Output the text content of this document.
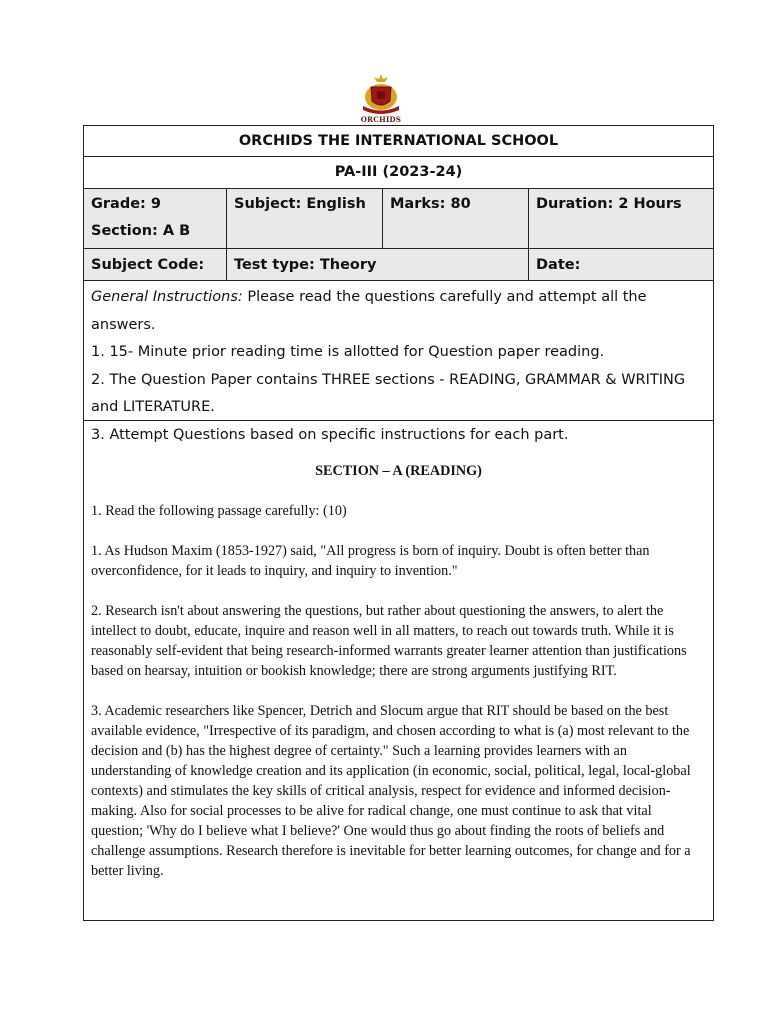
ORCHIDS
ORCHIDS THE INTERNATIONAL SCHOOL
PA-III (2023-24)
Grade: 9
Section: A B
Subject: English	Marks: 80	Duration: 2 Hours
Subject Code:	Test type: Theory	Date:
General Instructions: Please read the questions carefully and attempt all the answers.
1. 15- Minute prior reading time is allotted for Question paper reading.
2. The Question Paper contains THREE sections - READING, GRAMMAR & WRITING and LITERATURE.
3. Attempt Questions based on specific instructions for each part.
SECTION – A (READING)

1. Read the following passage carefully: (10)

1. As Hudson Maxim (1853-1927) said, "All progress is born of inquiry. Doubt is often better than overconfidence, for it leads to inquiry, and inquiry to invention."

2. Research isn't about answering the questions, but rather about questioning the answers, to alert the intellect to doubt, educate, inquire and reason well in all matters, to reach out towards truth. While it is reasonably self-evident that being research-informed warrants greater learner attention than justifications based on hearsay, intuition or bookish knowledge; there are strong arguments justifying RIT.

3. Academic researchers like Spencer, Detrich and Slocum argue that RIT should be based on the best available evidence, "Irrespective of its paradigm, and chosen according to what is (a) most relevant to the decision and (b) has the highest degree of certainty." Such a learning provides learners with an understanding of knowledge creation and its application (in economic, social, political, legal, local-global contexts) and stimulates the key skills of critical analysis, respect for evidence and informed decision-making. Also for social processes to be alive for radical change, one must continue to ask that vital question; 'Why do I believe what I believe?' One would thus go about finding the roots of beliefs and challenge assumptions. Research therefore is inevitable for better learning outcomes, for change and for a better living.
